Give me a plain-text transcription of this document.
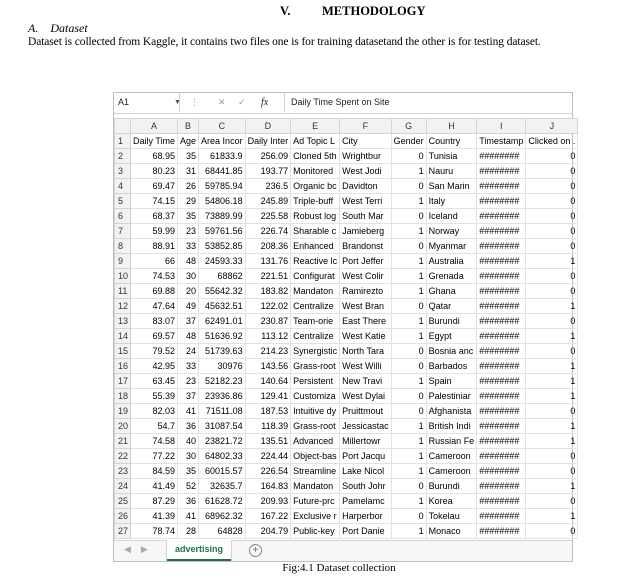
V.	METHODOLOGY
A. Dataset
Dataset is collected from Kaggle, it contains two files one is for training datasetand the other is for testing dataset.
A1	▼ ⋮ ✕ ✓ fx	Daily Time Spent on Site
	A	B	C	D	E	F	G	H	I	J
1	Daily Time	Age	Area Incor	Daily Inter	Ad Topic L	City	Gender	Country	Timestamp	Clicked on .
2	68.95	35	61833.9	256.09	Cloned 5th	Wrightbur	0	Tunisia	########	0
3	80.23	31	68441.85	193.77	Monitored	West Jodi	1	Nauru	########	0
4	69.47	26	59785.94	236.5	Organic bc	Davidton	0	San Marin	########	0
5	74.15	29	54806.18	245.89	Triple-buff	West Terri	1	Italy	########	0
6	68.37	35	73889.99	225.58	Robust log	South Mar	0	Iceland	########	0
7	59.99	23	59761.56	226.74	Sharable c	Jamieberg	1	Norway	########	0
8	88.91	33	53852.85	208.36	Enhanced	Brandonst	0	Myanmar	########	0
9	66	48	24593.33	131.76	Reactive lc	Port Jeffer	1	Australia	########	1
10	74.53	30	68862	221.51	Configurat	West Colir	1	Grenada	########	0
11	69.88	20	55642.32	183.82	Mandaton	Ramirezto	1	Ghana	########	0
12	47.64	49	45632.51	122.02	Centralize	West Bran	0	Qatar	########	1
13	83.07	37	62491.01	230.87	Team-orie	East There	1	Burundi	########	0
14	69.57	48	51636.92	113.12	Centralize	West Katie	1	Egypt	########	1
15	79.52	24	51739.63	214.23	Synergistic	North Tara	0	Bosnia anc	########	0
16	42.95	33	30976	143.56	Grass-root	West Willi	0	Barbados	########	1
17	63.45	23	52182.23	140.64	Persistent	New Travi	1	Spain	########	1
18	55.39	37	23936.86	129.41	Customiza	West Dylai	0	Palestiniar	########	1
19	82.03	41	71511.08	187.53	Intuitive dy	Pruittmout	0	Afghanista	########	0
20	54.7	36	31087.54	118.39	Grass-root	Jessicastac	1	British Indi	########	1
21	74.58	40	23821.72	135.51	Advanced	Millertowr	1	Russian Fe	########	1
22	77.22	30	64802.33	224.44	Object-bas	Port Jacqu	1	Cameroon	########	0
23	84.59	35	60015.57	226.54	Streamline	Lake Nicol	1	Cameroon	########	0
24	41.49	52	32635.7	164.83	Mandaton	South Johr	0	Burundi	########	1
25	87.29	36	61628.72	209.93	Future-prc	Pamelamc	1	Korea	########	0
26	41.39	41	68962.32	167.22	Exclusive r	Harperbor	0	Tokelau	########	1
27	78.74	28	64828	204.79	Public-key	Port Danie	1	Monaco	########	0
◀▶	advertising	+
Fig:4.1 Dataset collection
